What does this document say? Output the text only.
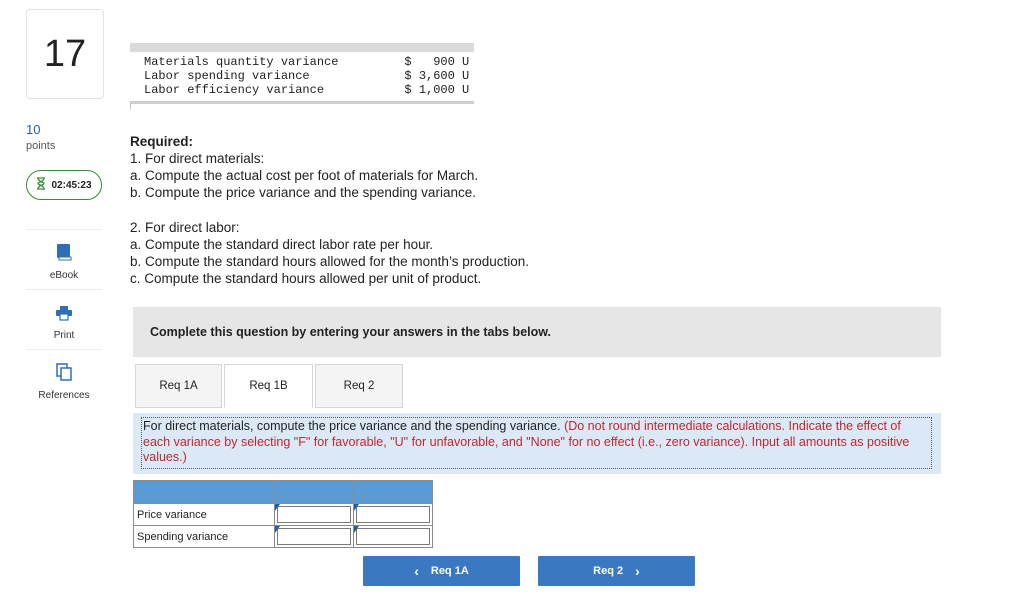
17
10
points
02:45:23
eBook
Print
References
Materials quantity variance	$   900 U
Labor spending variance	$ 3,600 U
Labor efficiency variance	$ 1,000 U
Required:
1. For direct materials:
a. Compute the actual cost per foot of materials for March.
b. Compute the price variance and the spending variance.
2. For direct labor:
a. Compute the standard direct labor rate per hour.
b. Compute the standard hours allowed for the month’s production.
c. Compute the standard hours allowed per unit of product.
Complete this question by entering your answers in the tabs below.
Req 1A	Req 1B	Req 2
For direct materials, compute the price variance and the spending variance. (Do not round intermediate calculations. Indicate the effect of each variance by selecting "F" for favorable, "U" for unfavorable, and "None" for no effect (i.e., zero variance). Input all amounts as positive values.)

Price variance	

Spending variance	

‹ Req 1A	Req 2 ›
